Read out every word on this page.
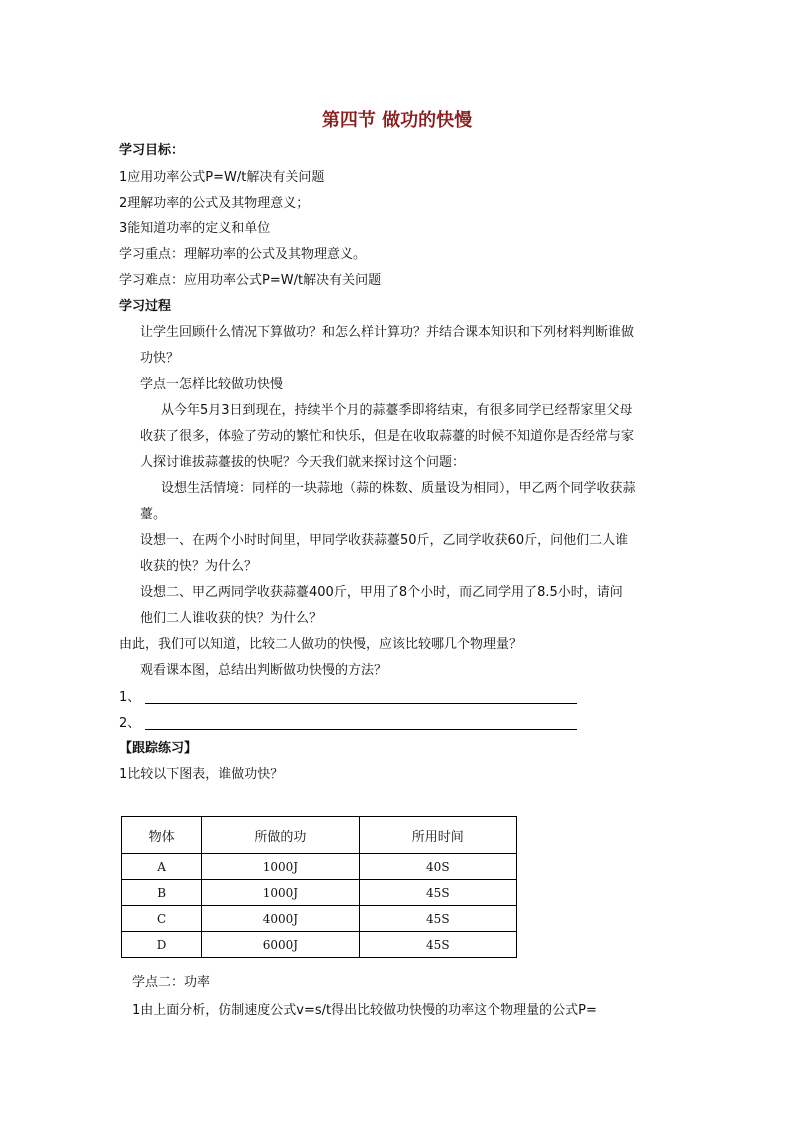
第四节 做功的快慢
学习目标：
1应用功率公式P=W/t解决有关问题
2理解功率的公式及其物理意义；
3能知道功率的定义和单位
学习重点：理解功率的公式及其物理意义。
学习难点：应用功率公式P=W/t解决有关问题
学习过程
让学生回顾什么情况下算做功？和怎么样计算功？并结合课本知识和下列材料判断谁做
功快？
学点一怎样比较做功快慢
从今年5月3日到现在，持续半个月的蒜薹季即将结束，有很多同学已经帮家里父母
收获了很多，体验了劳动的繁忙和快乐，但是在收取蒜薹的时候不知道你是否经常与家
人探讨谁拔蒜薹拔的快呢？今天我们就来探讨这个问题：
设想生活情境：同样的一块蒜地（蒜的株数、质量设为相同），甲乙两个同学收获蒜
薹。
设想一、在两个小时时间里，甲同学收获蒜薹50斤，乙同学收获60斤，问他们二人谁
收获的快？为什么？
设想二、甲乙两同学收获蒜薹400斤，甲用了8个小时，而乙同学用了8.5小时，请问
他们二人谁收获的快？为什么？
由此，我们可以知道，比较二人做功的快慢，应该比较哪几个物理量？
观看课本图，总结出判断做功快慢的方法？
1、
2、
【跟踪练习】
1比较以下图表，谁做功快？
物体	所做的功	所用时间
A	1000J	40S
B	1000J	45S
C	4000J	45S
D	6000J	45S
学点二：功率
1由上面分析，仿制速度公式v=s/t得出比较做功快慢的功率这个物理量的公式P=
